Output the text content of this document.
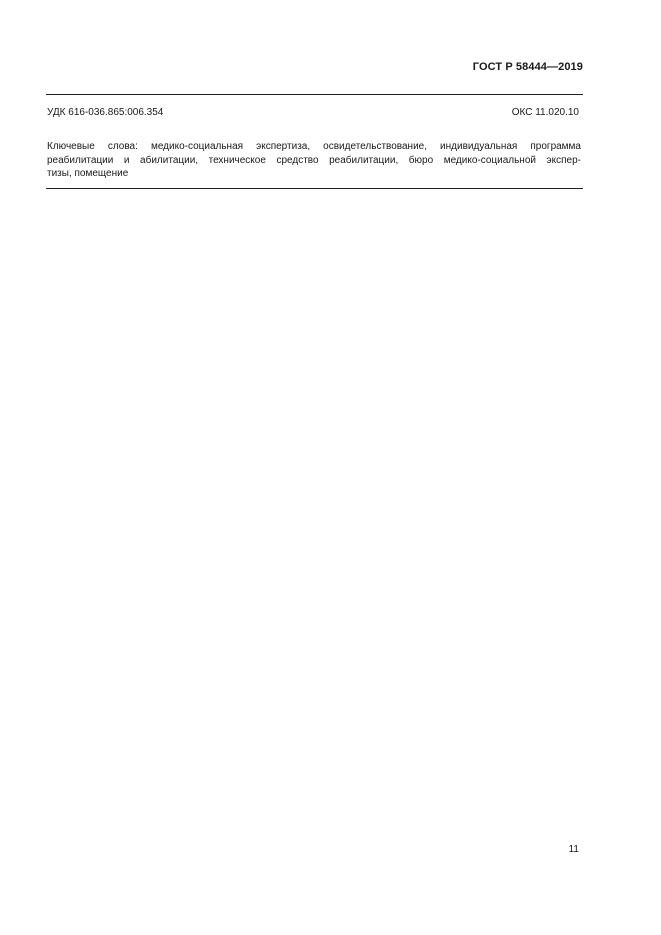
ГОСТ Р 58444—2019
УДК 616-036.865:006.354	ОКС 11.020.10
Ключевые слова: медико-социальная экспертиза, освидетельствование, индивидуальная программа
реабилитации и абилитации, техническое средство реабилитации, бюро медико-социальной экспер-
тизы, помещение
11
